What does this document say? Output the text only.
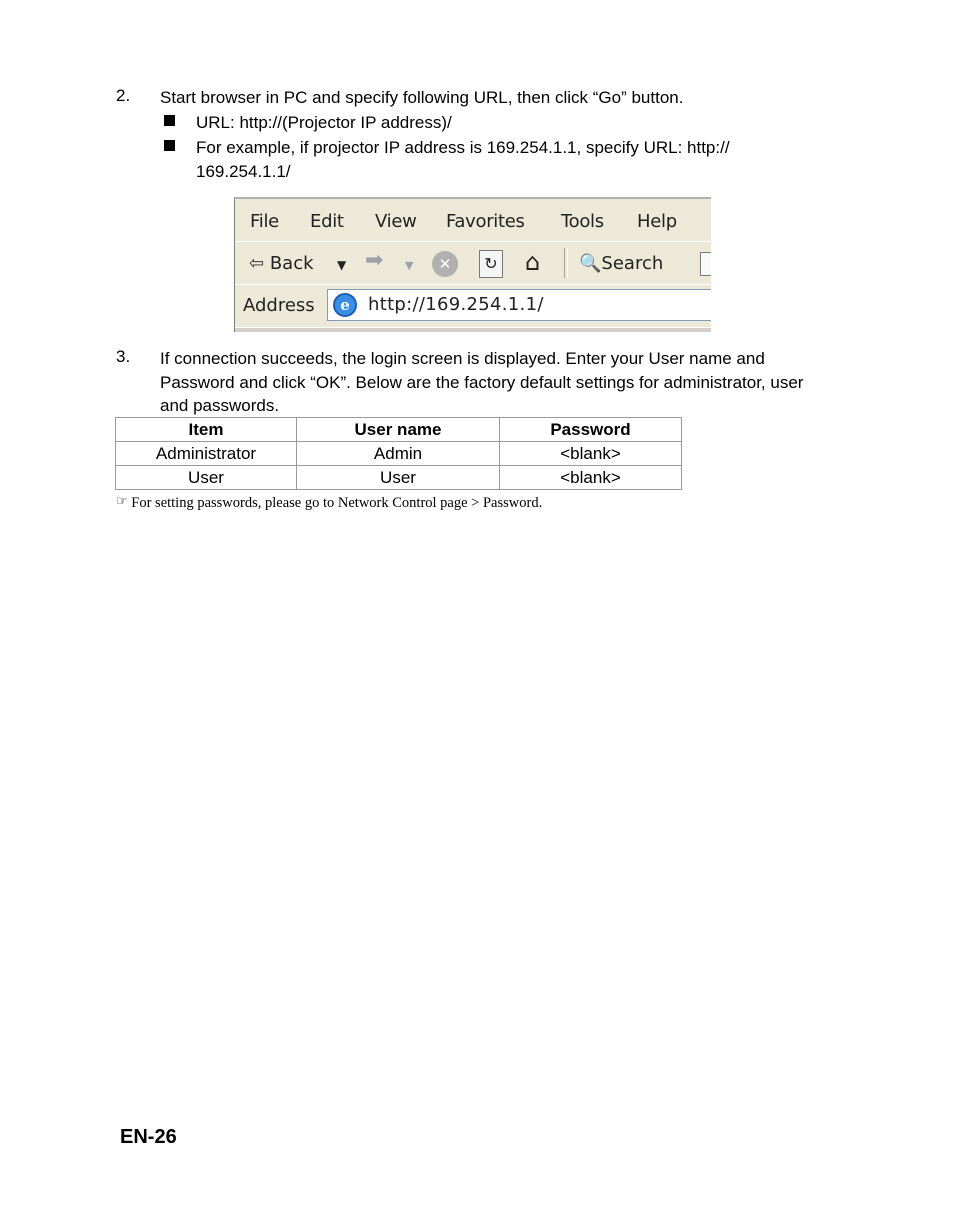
2. Start browser in PC and specify following URL, then click “Go” button.
URL: http://(Projector IP address)/
For example, if projector IP address is 169.254.1.1, specify URL: http:// 169.254.1.1/
File Edit View Favorites Tools Help
⇦ Back ▼ ➡ ▼	✕	↻ ⌂ 🔍Search
Address	e	http://169.254.1.1/
3. If connection succeeds, the login screen is displayed. Enter your User name and Password and click “OK”. Below are the factory default settings for administrator, user and passwords.
Item	User name	Password
Administrator	Admin	<blank>
User	User	<blank>
☞ For setting passwords, please go to Network Control page > Password.
EN-26
